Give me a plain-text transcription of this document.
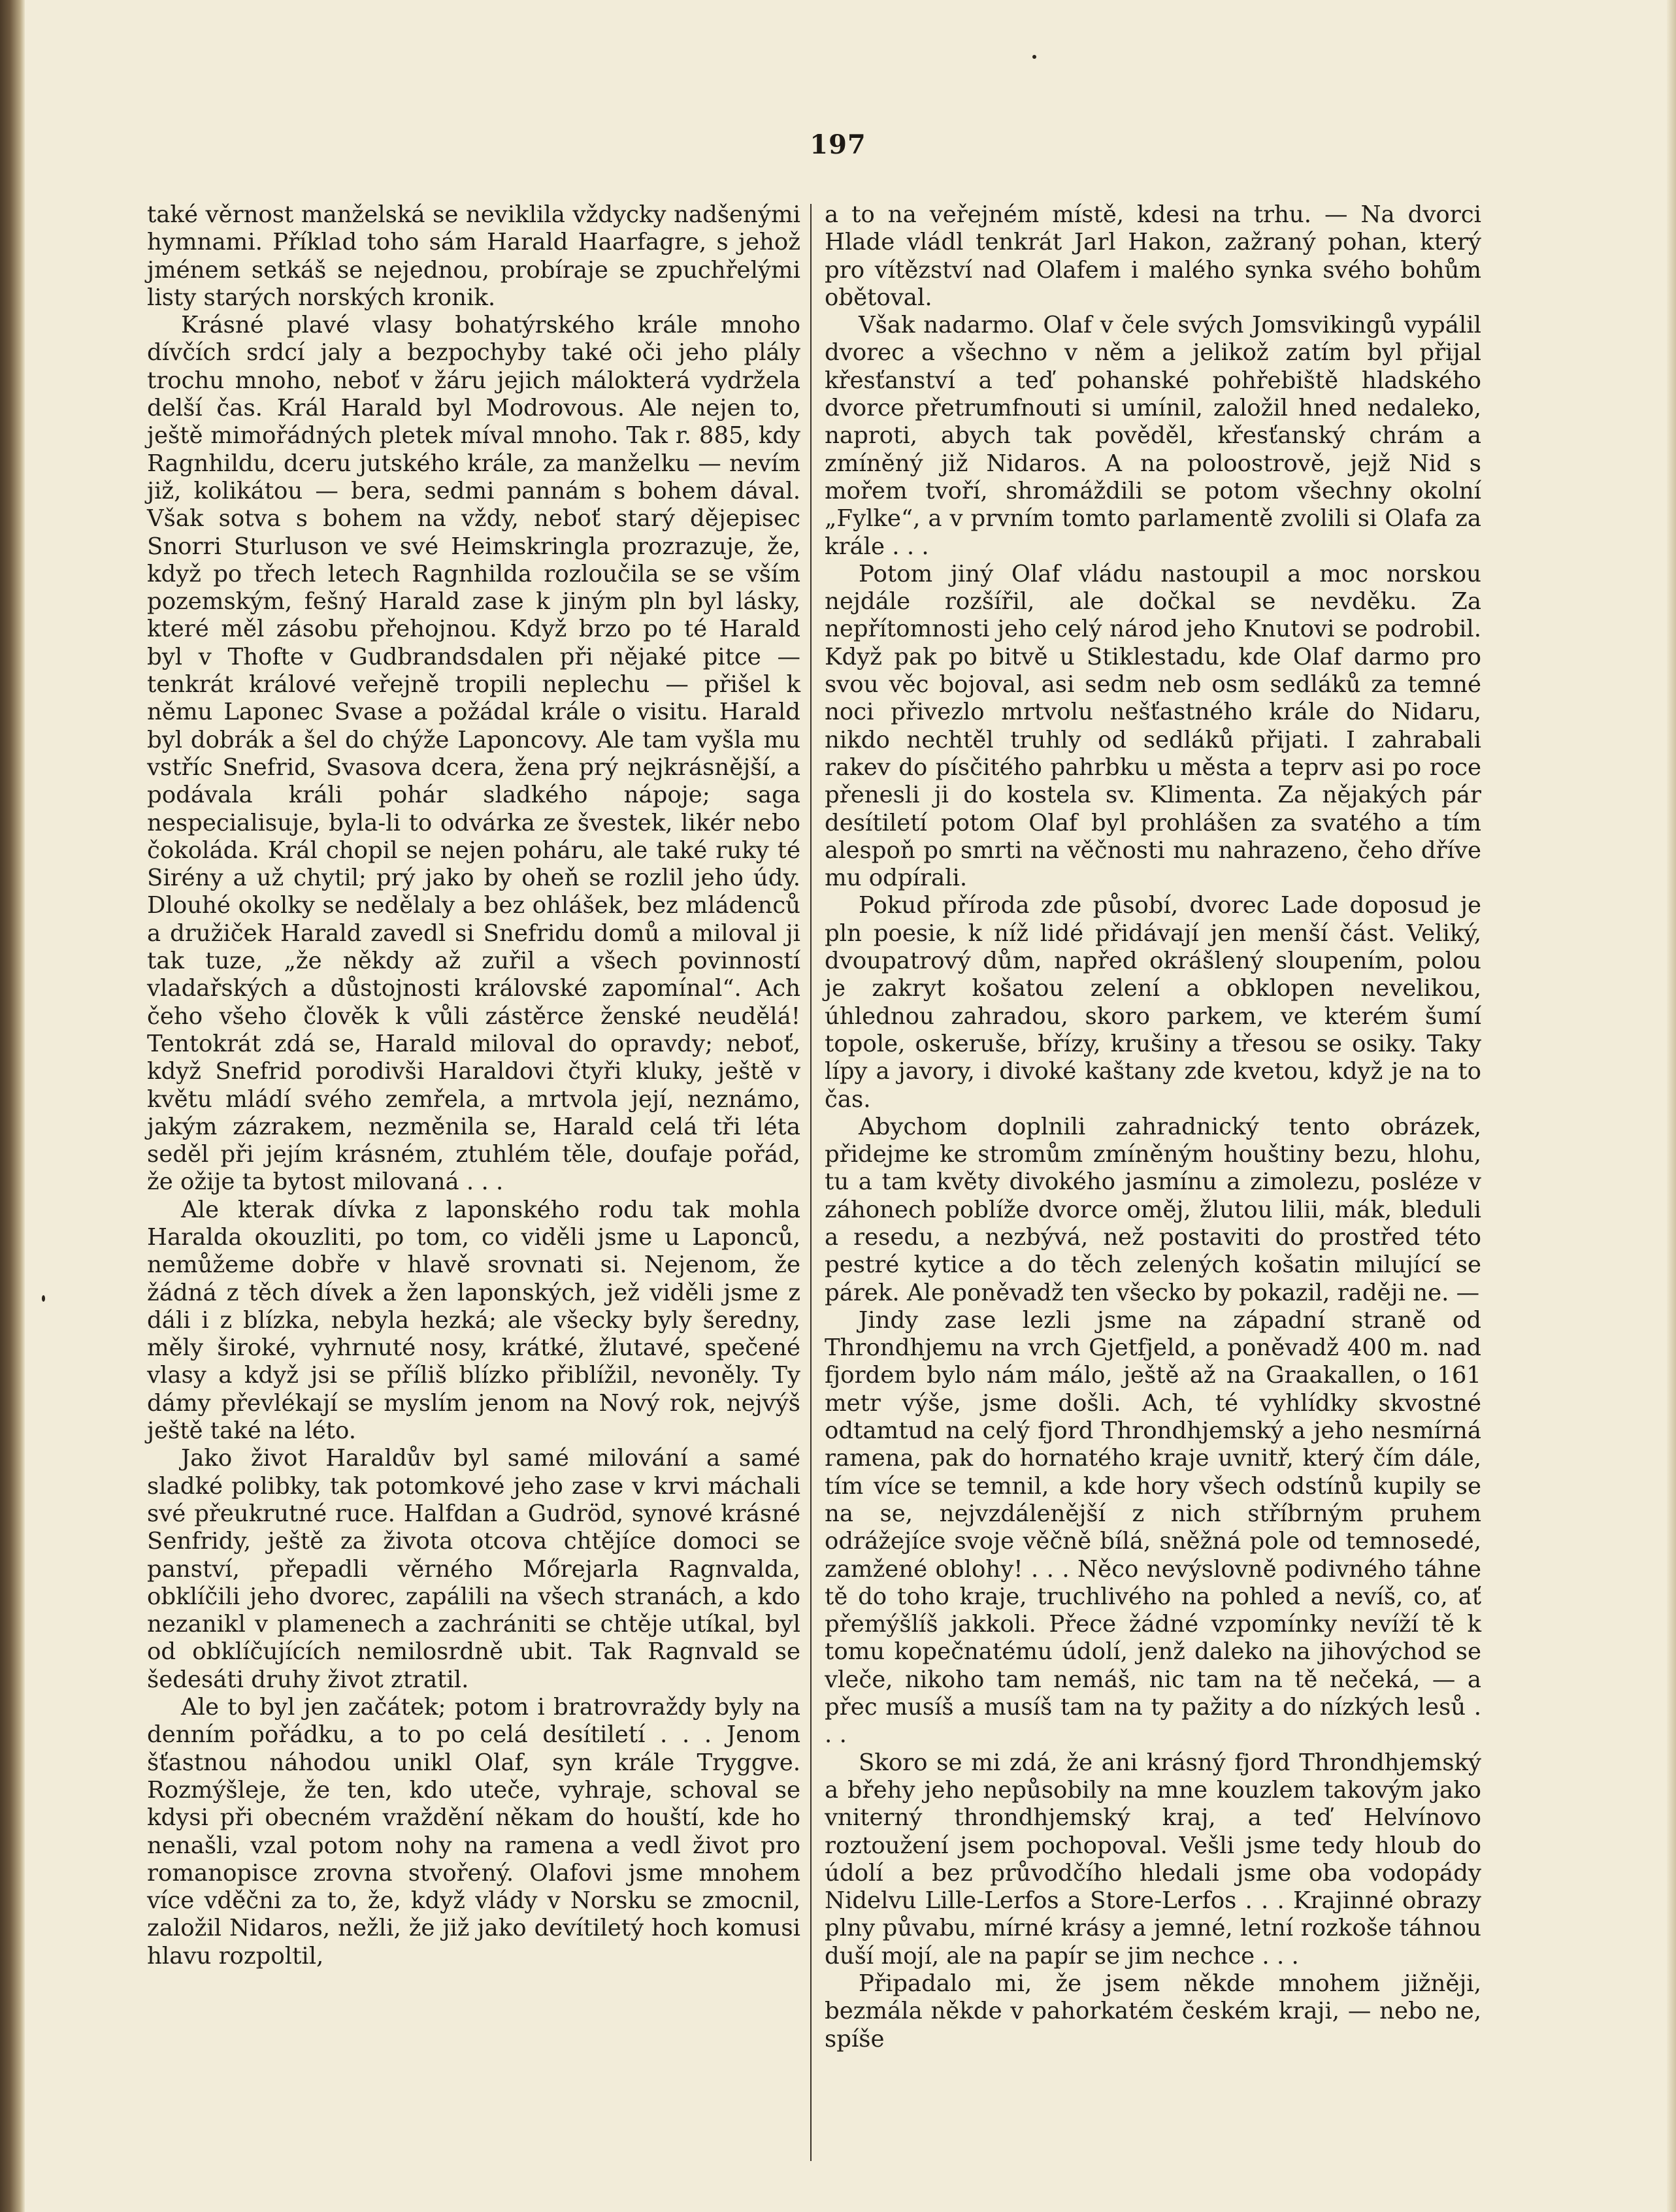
197

také věrnost manželská se neviklila vždycky nadšenými hymnami. Příklad toho sám Harald Haarfagre, s jehož jménem setkáš se nejednou, probíraje se zpuchřelými listy starých norských kronik.

Krásné plavé vlasy bohatýrského krále mnoho dívčích srdcí jaly a bezpochyby také oči jeho plály trochu mnoho, neboť v žáru jejich málokterá vydržela delší čas. Král Harald byl Modrovous. Ale nejen to, ještě mimořádných pletek míval mnoho. Tak r. 885, kdy Ragnhildu, dceru jutského krále, za manželku — nevím již, kolikátou — bera, sedmi pannám s bohem dával. Však sotva s bohem na vždy, neboť starý dějepisec Snorri Sturluson ve své Heimskringla prozrazuje, že, když po třech letech Ragnhilda rozloučila se se vším pozemským, fešný Harald zase k jiným pln byl lásky, které měl zásobu přehojnou. Když brzo po té Harald byl v Thofte v Gudbrandsdalen při nějaké pitce — tenkrát králové veřejně tropili neplechu — přišel k němu Laponec Svase a požádal krále o visitu. Harald byl dobrák a šel do chýže Laponcovy. Ale tam vyšla mu vstříc Snefrid, Svasova dcera, žena prý nejkrásnější, a podávala králi pohár sladkého nápoje; saga nespecialisuje, byla-li to odvárka ze švestek, likér nebo čokoláda. Král chopil se nejen poháru, ale také ruky té Sirény a už chytil; prý jako by oheň se rozlil jeho údy. Dlouhé okolky se nedělaly a bez ohlášek, bez mládenců a družiček Harald zavedl si Snefridu domů a miloval ji tak tuze, „že někdy až zuřil a všech povinností vladařských a důstojnosti královské zapomínal“. Ach čeho všeho člověk k vůli zástěrce ženské neudělá! Tentokrát zdá se, Harald miloval do opravdy; neboť, když Snefrid porodivši Haraldovi čtyři kluky, ještě v květu mládí svého zemřela, a mrtvola její, neznámo, jakým zázrakem, nezměnila se, Harald celá tři léta seděl při jejím krásném, ztuhlém těle, doufaje pořád, že ožije ta bytost milovaná . . .

Ale kterak dívka z laponského rodu tak mohla Haralda okouzliti, po tom, co viděli jsme u Laponců, nemůžeme dobře v hlavě srovnati si. Nejenom, že žádná z těch dívek a žen laponských, jež viděli jsme z dáli i z blízka, nebyla hezká; ale všecky byly šeredny, měly široké, vyhrnuté nosy, krátké, žlutavé, spečené vlasy a když jsi se příliš blízko přiblížil, nevoněly. Ty dámy převlékají se myslím jenom na Nový rok, nejvýš ještě také na léto.

Jako život Haraldův byl samé milování a samé sladké polibky, tak potomkové jeho zase v krvi máchali své přeukrutné ruce. Halfdan a Gudröd, synové krásné Senfridy, ještě za života otcova chtějíce domoci se panství, přepadli věrného Mőrejarla Ragnvalda, obklíčili jeho dvorec, zapálili na všech stranách, a kdo nezanikl v plamenech a zachrániti se chtěje utíkal, byl od obklíčujících nemilosrdně ubit. Tak Ragnvald se šedesáti druhy život ztratil.

Ale to byl jen začátek; potom i bratrovraždy byly na denním pořádku, a to po celá desítiletí . . . Jenom šťastnou náhodou unikl Olaf, syn krále Tryggve. Rozmýšleje, že ten, kdo uteče, vyhraje, schoval se kdysi při obecném vraždění někam do houští, kde ho nenašli, vzal potom nohy na ramena a vedl život pro romanopisce zrovna stvořený. Olafovi jsme mnohem více vděčni za to, že, když vlády v Norsku se zmocnil, založil Nidaros, nežli, že již jako devítiletý hoch komusi hlavu rozpoltil,

a to na veřejném místě, kdesi na trhu. — Na dvorci Hlade vládl tenkrát Jarl Hakon, zažraný pohan, který pro vítězství nad Olafem i malého synka svého bohům obětoval.

Však nadarmo. Olaf v čele svých Jomsvikingů vypálil dvorec a všechno v něm a jelikož zatím byl přijal křesťanství a teď pohanské pohřebiště hladského dvorce přetrumfnouti si umínil, založil hned nedaleko, naproti, abych tak pověděl, křesťanský chrám a zmíněný již Nidaros. A na poloostrově, jejž Nid s mořem tvoří, shromáždili se potom všechny okolní „Fylke“, a v prvním tomto parlamentě zvolili si Olafa za krále . . .

Potom jiný Olaf vládu nastoupil a moc norskou nejdále rozšířil, ale dočkal se nevděku. Za nepřítomnosti jeho celý národ jeho Knutovi se podrobil. Když pak po bitvě u Stiklestadu, kde Olaf darmo pro svou věc bojoval, asi sedm neb osm sedláků za temné noci přivezlo mrtvolu nešťastného krále do Nidaru, nikdo nechtěl truhly od sedláků přijati. I zahrabali rakev do písčitého pahrbku u města a teprv asi po roce přenesli ji do kostela sv. Klimenta. Za nějakých pár desítiletí potom Olaf byl prohlášen za svatého a tím alespoň po smrti na věčnosti mu nahrazeno, čeho dříve mu odpírali.

Pokud příroda zde působí, dvorec Lade doposud je pln poesie, k níž lidé přidávají jen menší část. Veliký, dvoupatrový dům, napřed okrášlený sloupením, polou je zakryt košatou zelení a obklopen nevelikou, úhlednou zahradou, skoro parkem, ve kterém šumí topole, oskeruše, břízy, krušiny a třesou se osiky. Taky lípy a javory, i divoké kaštany zde kvetou, když je na to čas.

Abychom doplnili zahradnický tento obrázek, přidejme ke stromům zmíněným houštiny bezu, hlohu, tu a tam květy divokého jasmínu a zimolezu, posléze v záhonech poblíže dvorce oměj, žlutou lilii, mák, bleduli a resedu, a nezbývá, než postaviti do prostřed této pestré kytice a do těch zelených košatin milující se párek. Ale poněvadž ten všecko by pokazil, raději ne. —

Jindy zase lezli jsme na západní straně od Throndhjemu na vrch Gjetfjeld, a poněvadž 400 m. nad fjordem bylo nám málo, ještě až na Graakallen, o 161 metr výše, jsme došli. Ach, té vyhlídky skvostné odtamtud na celý fjord Throndhjemský a jeho nesmírná ramena, pak do hornatého kraje uvnitř, který čím dále, tím více se temnil, a kde hory všech odstínů kupily se na se, nejvzdálenější z nich stříbrným pruhem odrážejíce svoje věčně bílá, sněžná pole od temnosedé, zamžené oblohy! . . . Něco nevýslovně podivného táhne tě do toho kraje, truchlivého na pohled a nevíš, co, ať přemýšlíš jakkoli. Přece žádné vzpomínky nevíží tě k tomu kopečnatému údolí, jenž daleko na jihovýchod se vleče, nikoho tam nemáš, nic tam na tě nečeká, — a přec musíš a musíš tam na ty pažity a do nízkých lesů . . .

Skoro se mi zdá, že ani krásný fjord Throndhjemský a břehy jeho nepůsobily na mne kouzlem takovým jako vniterný throndhjemský kraj, a teď Helvínovo roztoužení jsem pochopoval. Vešli jsme tedy hloub do údolí a bez průvodčího hledali jsme oba vodopády Nidelvu Lille-Lerfos a Store-Lerfos . . . Krajinné obrazy plny půvabu, mírné krásy a jemné, letní rozkoše táhnou duší mojí, ale na papír se jim nechce . . .

Připadalo mi, že jsem někde mnohem jižněji, bezmála někde v pahorkatém českém kraji, — nebo ne, spíše
